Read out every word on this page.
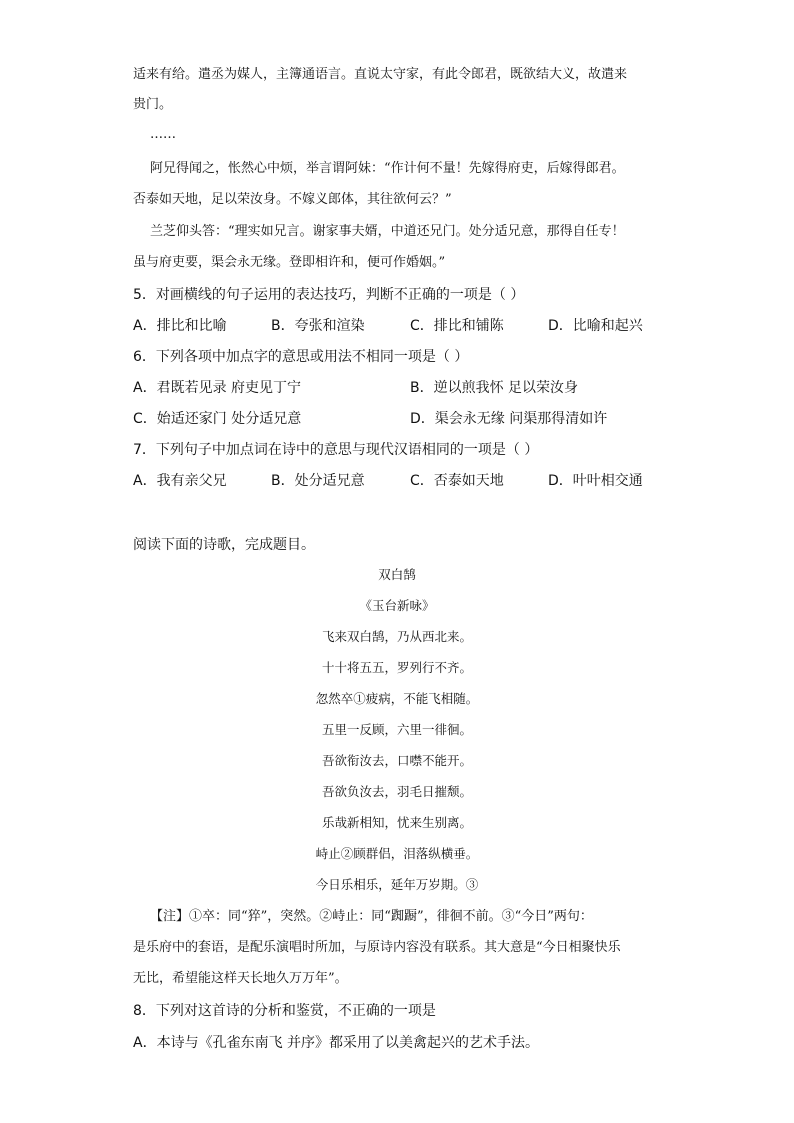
适来有给。遣丞为媒人，主簿通语言。直说太守家，有此令郎君，既欲结大义，故遣来
贵门。
……
阿兄得闻之，怅然心中烦，举言谓阿妹：“作计何不量！先嫁得府吏，后嫁得郎君。
否泰如天地，足以荣汝身。不嫁义郎体，其往欲何云？”
兰芝仰头答：“理实如兄言。谢家事夫婿，中道还兄门。处分适兄意，那得自任专！
虽与府吏要，渠会永无缘。登即相许和，便可作婚姻。”
5．对画横线的句子运用的表达技巧，判断不正确的一项是（ ）
A．排比和比喻	B．夸张和渲染	C．排比和铺陈	D．比喻和起兴
6．下列各项中加点字的意思或用法不相同一项是（ ）
A．君既若见录 府吏见丁宁	B．逆以煎我怀 足以荣汝身
C．始适还家门 处分适兄意	D．渠会永无缘 问渠那得清如许
7．下列句子中加点词在诗中的意思与现代汉语相同的一项是（ ）
A．我有亲父兄	B．处分适兄意	C．否泰如天地	D．叶叶相交通
阅读下面的诗歌，完成题目。
双白鹄
《玉台新咏》
飞来双白鹄，乃从西北来。
十十将五五，罗列行不齐。
忽然卒①疲病，不能飞相随。
五里一反顾，六里一徘徊。
吾欲衔汝去，口噤不能开。
吾欲负汝去，羽毛日摧颓。
乐哉新相知，忧来生别离。
峙止②顾群侣，泪落纵横垂。
今日乐相乐，延年万岁期。③
【注】①卒：同“猝”，突然。②峙止：同“踟蹰”，徘徊不前。③“今日”两句：
是乐府中的套语，是配乐演唱时所加，与原诗内容没有联系。其大意是“今日相聚快乐
无比，希望能这样天长地久万万年”。
8．下列对这首诗的分析和鉴赏，不正确的一项是
A．本诗与《孔雀东南飞 并序》都采用了以美禽起兴的艺术手法。
